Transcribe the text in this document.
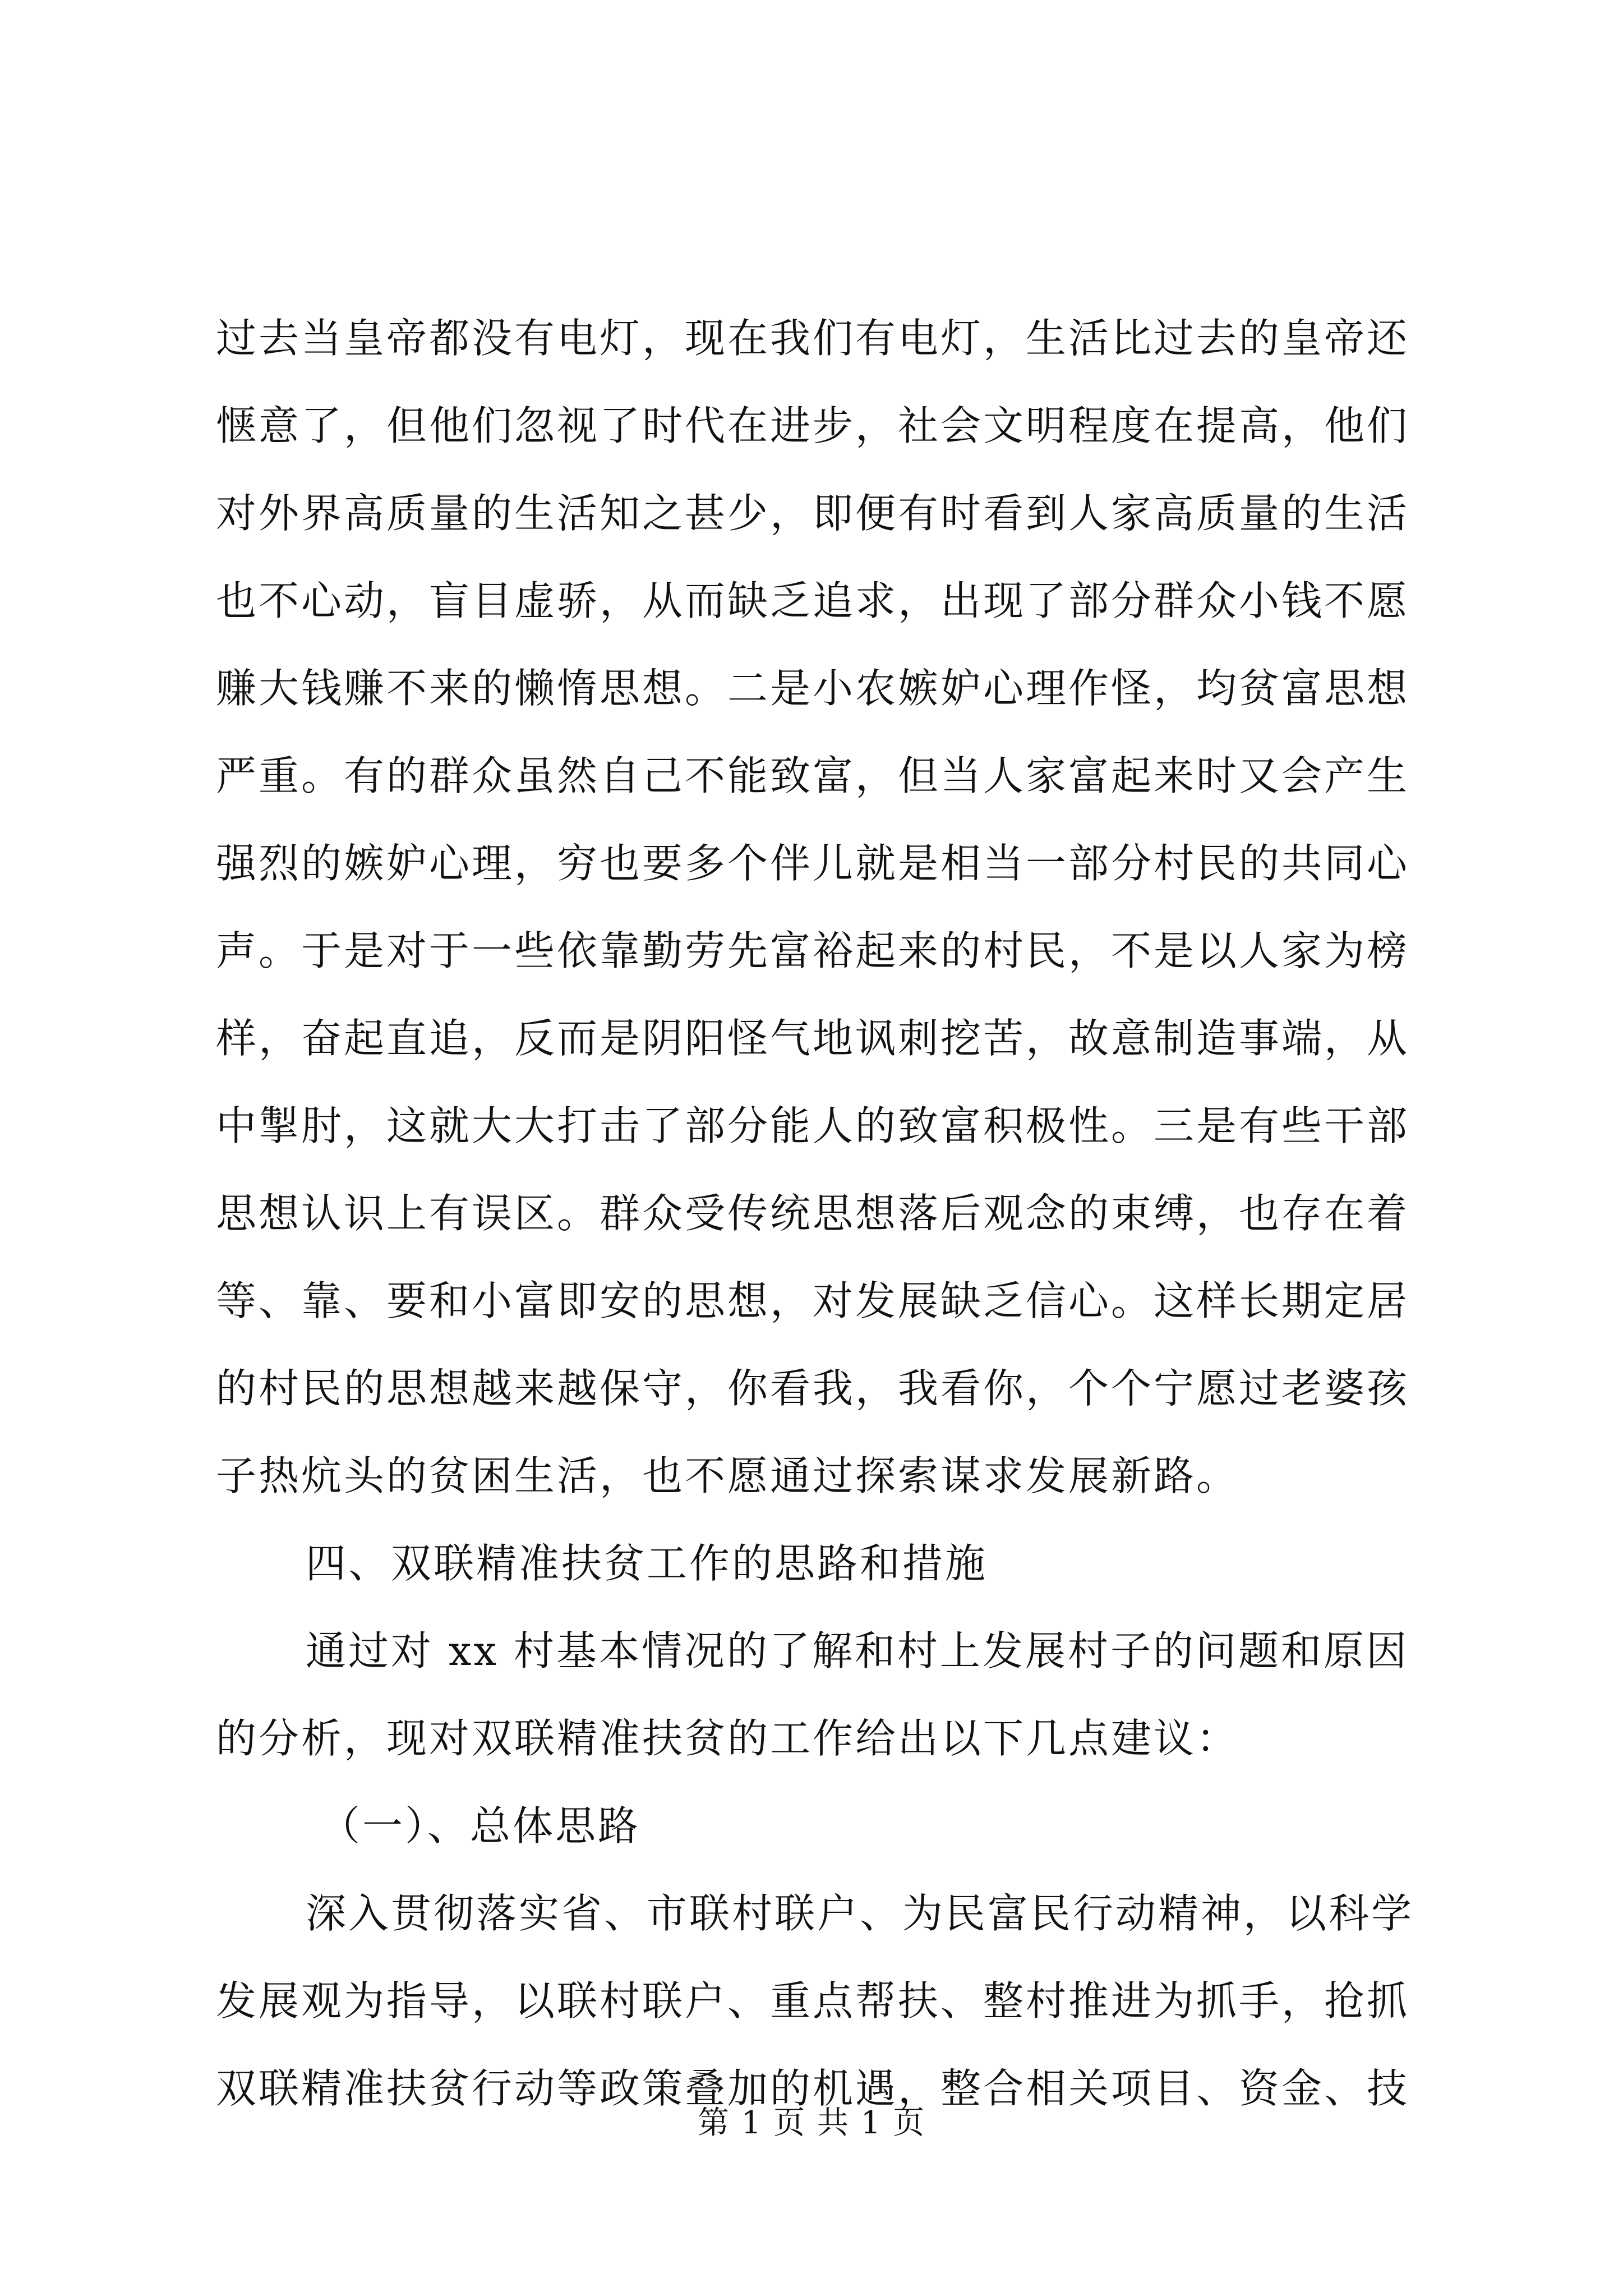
过去当皇帝都没有电灯，现在我们有电灯，生活比过去的皇帝还
惬意了，但他们忽视了时代在进步，社会文明程度在提高，他们
对外界高质量的生活知之甚少，即便有时看到人家高质量的生活
也不心动，盲目虚骄，从而缺乏追求，出现了部分群众小钱不愿
赚大钱赚不来的懒惰思想。二是小农嫉妒心理作怪，均贫富思想
严重。有的群众虽然自己不能致富，但当人家富起来时又会产生
强烈的嫉妒心理，穷也要多个伴儿就是相当一部分村民的共同心
声。于是对于一些依靠勤劳先富裕起来的村民，不是以人家为榜
样，奋起直追，反而是阴阳怪气地讽刺挖苦，故意制造事端，从
中掣肘，这就大大打击了部分能人的致富积极性。三是有些干部
思想认识上有误区。群众受传统思想落后观念的束缚，也存在着
等、靠、要和小富即安的思想，对发展缺乏信心。这样长期定居
的村民的思想越来越保守，你看我，我看你，个个宁愿过老婆孩
子热炕头的贫困生活，也不愿通过探索谋求发展新路。
四、双联精准扶贫工作的思路和措施
通过对 xx 村基本情况的了解和村上发展村子的问题和原因
的分析，现对双联精准扶贫的工作给出以下几点建议：
（一）、总体思路
深入贯彻落实省、市联村联户、为民富民行动精神，以科学
发展观为指导，以联村联户、重点帮扶、整村推进为抓手，抢抓
双联精准扶贫行动等政策叠加的机遇，整合相关项目、资金、技
第 1 页 共 1 页
